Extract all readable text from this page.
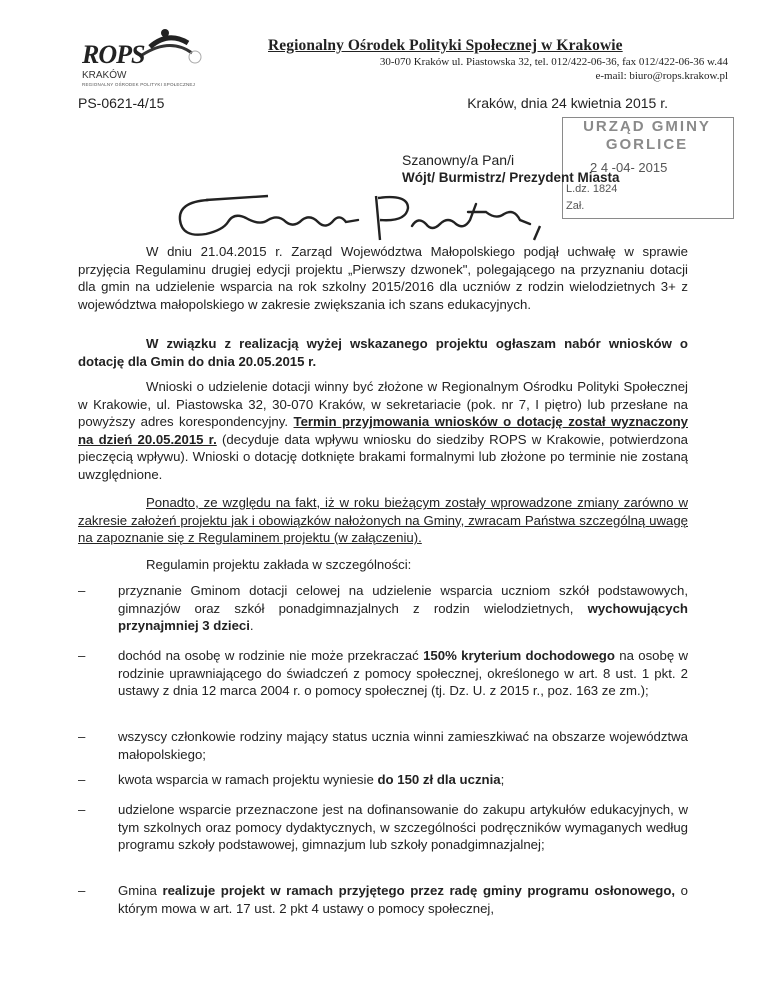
ROPS
KRAKÓW
REGIONALNY OŚRODEK POLITYKI SPOŁECZNEJ
Regionalny Ośrodek Polityki Społecznej w Krakowie
30-070 Kraków ul. Piastowska 32, tel. 012/422-06-36, fax 012/422-06-36 w.44
e-mail: biuro@rops.krakow.pl
PS-0621-4/15	Kraków, dnia 24 kwietnia 2015 r.
URZĄD GMINY
GORLICE
2 4 -04- 2015
L.dz. 1824
Zał.
Szanowny/a Pan/i
Wójt/ Burmistrz/ Prezydent Miasta
W dniu 21.04.2015 r. Zarząd Województwa Małopolskiego podjął uchwałę w sprawie przyjęcia Regulaminu drugiej edycji projektu „Pierwszy dzwonek", polegającego na przyznaniu dotacji dla gmin na udzielenie wsparcia na rok szkolny 2015/2016 dla uczniów z rodzin wielodzietnych 3+ z województwa małopolskiego w zakresie zwiększania ich szans edukacyjnych.
W związku z realizacją wyżej wskazanego projektu ogłaszam nabór wniosków o dotację dla Gmin do dnia 20.05.2015 r.
Wnioski o udzielenie dotacji winny być złożone w Regionalnym Ośrodku Polityki Społecznej w Krakowie, ul. Piastowska 32, 30-070 Kraków, w sekretariacie (pok. nr 7, I piętro) lub przesłane na powyższy adres korespondencyjny. Termin przyjmowania wniosków o dotację został wyznaczony na dzień 20.05.2015 r. (decyduje data wpływu wniosku do siedziby ROPS w Krakowie, potwierdzona pieczęcią wpływu). Wnioski o dotację dotknięte brakami formalnymi lub złożone po terminie nie zostaną uwzględnione.
Ponadto, ze względu na fakt, iż w roku bieżącym zostały wprowadzone zmiany zarówno w zakresie założeń projektu jak i obowiązków nałożonych na Gminy, zwracam Państwa szczególną uwagę na zapoznanie się z Regulaminem projektu (w załączeniu).
Regulamin projektu zakłada w szczególności:
– przyznanie Gminom dotacji celowej na udzielenie wsparcia uczniom szkół podstawowych, gimnazjów oraz szkół ponadgimnazjalnych z rodzin wielodzietnych, wychowujących przynajmniej 3 dzieci.
– dochód na osobę w rodzinie nie może przekraczać 150% kryterium dochodowego na osobę w rodzinie uprawniającego do świadczeń z pomocy społecznej, określonego w art. 8 ust. 1 pkt. 2 ustawy z dnia 12 marca 2004 r. o pomocy społecznej (tj. Dz. U. z 2015 r., poz. 163 ze zm.);
– wszyscy członkowie rodziny mający status ucznia winni zamieszkiwać na obszarze województwa małopolskiego;
– kwota wsparcia w ramach projektu wyniesie do 150 zł dla ucznia;
– udzielone wsparcie przeznaczone jest na dofinansowanie do zakupu artykułów edukacyjnych, w tym szkolnych oraz pomocy dydaktycznych, w szczególności podręczników wymaganych według programu szkoły podstawowej, gimnazjum lub szkoły ponadgimnazjalnej;
– Gmina realizuje projekt w ramach przyjętego przez radę gminy programu osłonowego, o którym mowa w art. 17 ust. 2 pkt 4 ustawy o pomocy społecznej,
